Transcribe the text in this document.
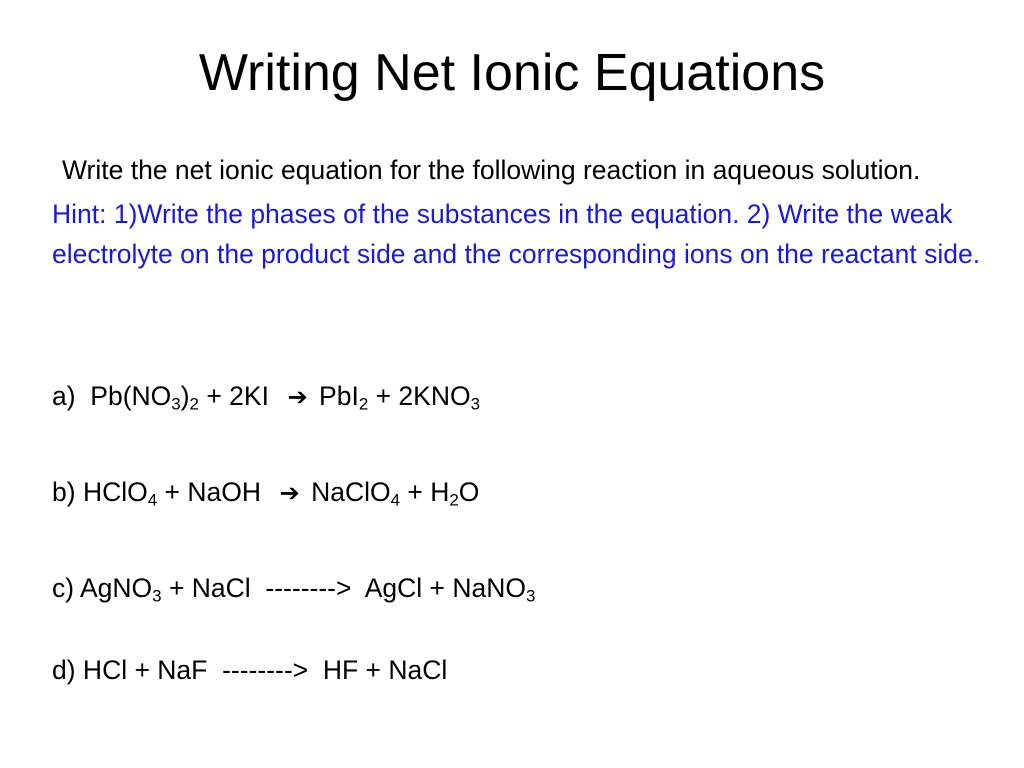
Writing Net Ionic Equations

Write the net ionic equation for the following reaction in aqueous solution.

Hint: 1)Write the phases of the substances in the equation. 2) Write the weak electrolyte on the product side and the corresponding ions on the reactant side.

a)  $Pb(NO_3)_2 + 2KI$  ➔ $PbI_2 + 2KNO_3$
b) HClO$_4$ + NaOH  ➔ NaClO$_4$ + $H_2O$
c) AgNO$_3$ + NaCl  -------->  AgCl + NaNO$_3$
d) HCl + NaF  -------->  HF + NaCl
